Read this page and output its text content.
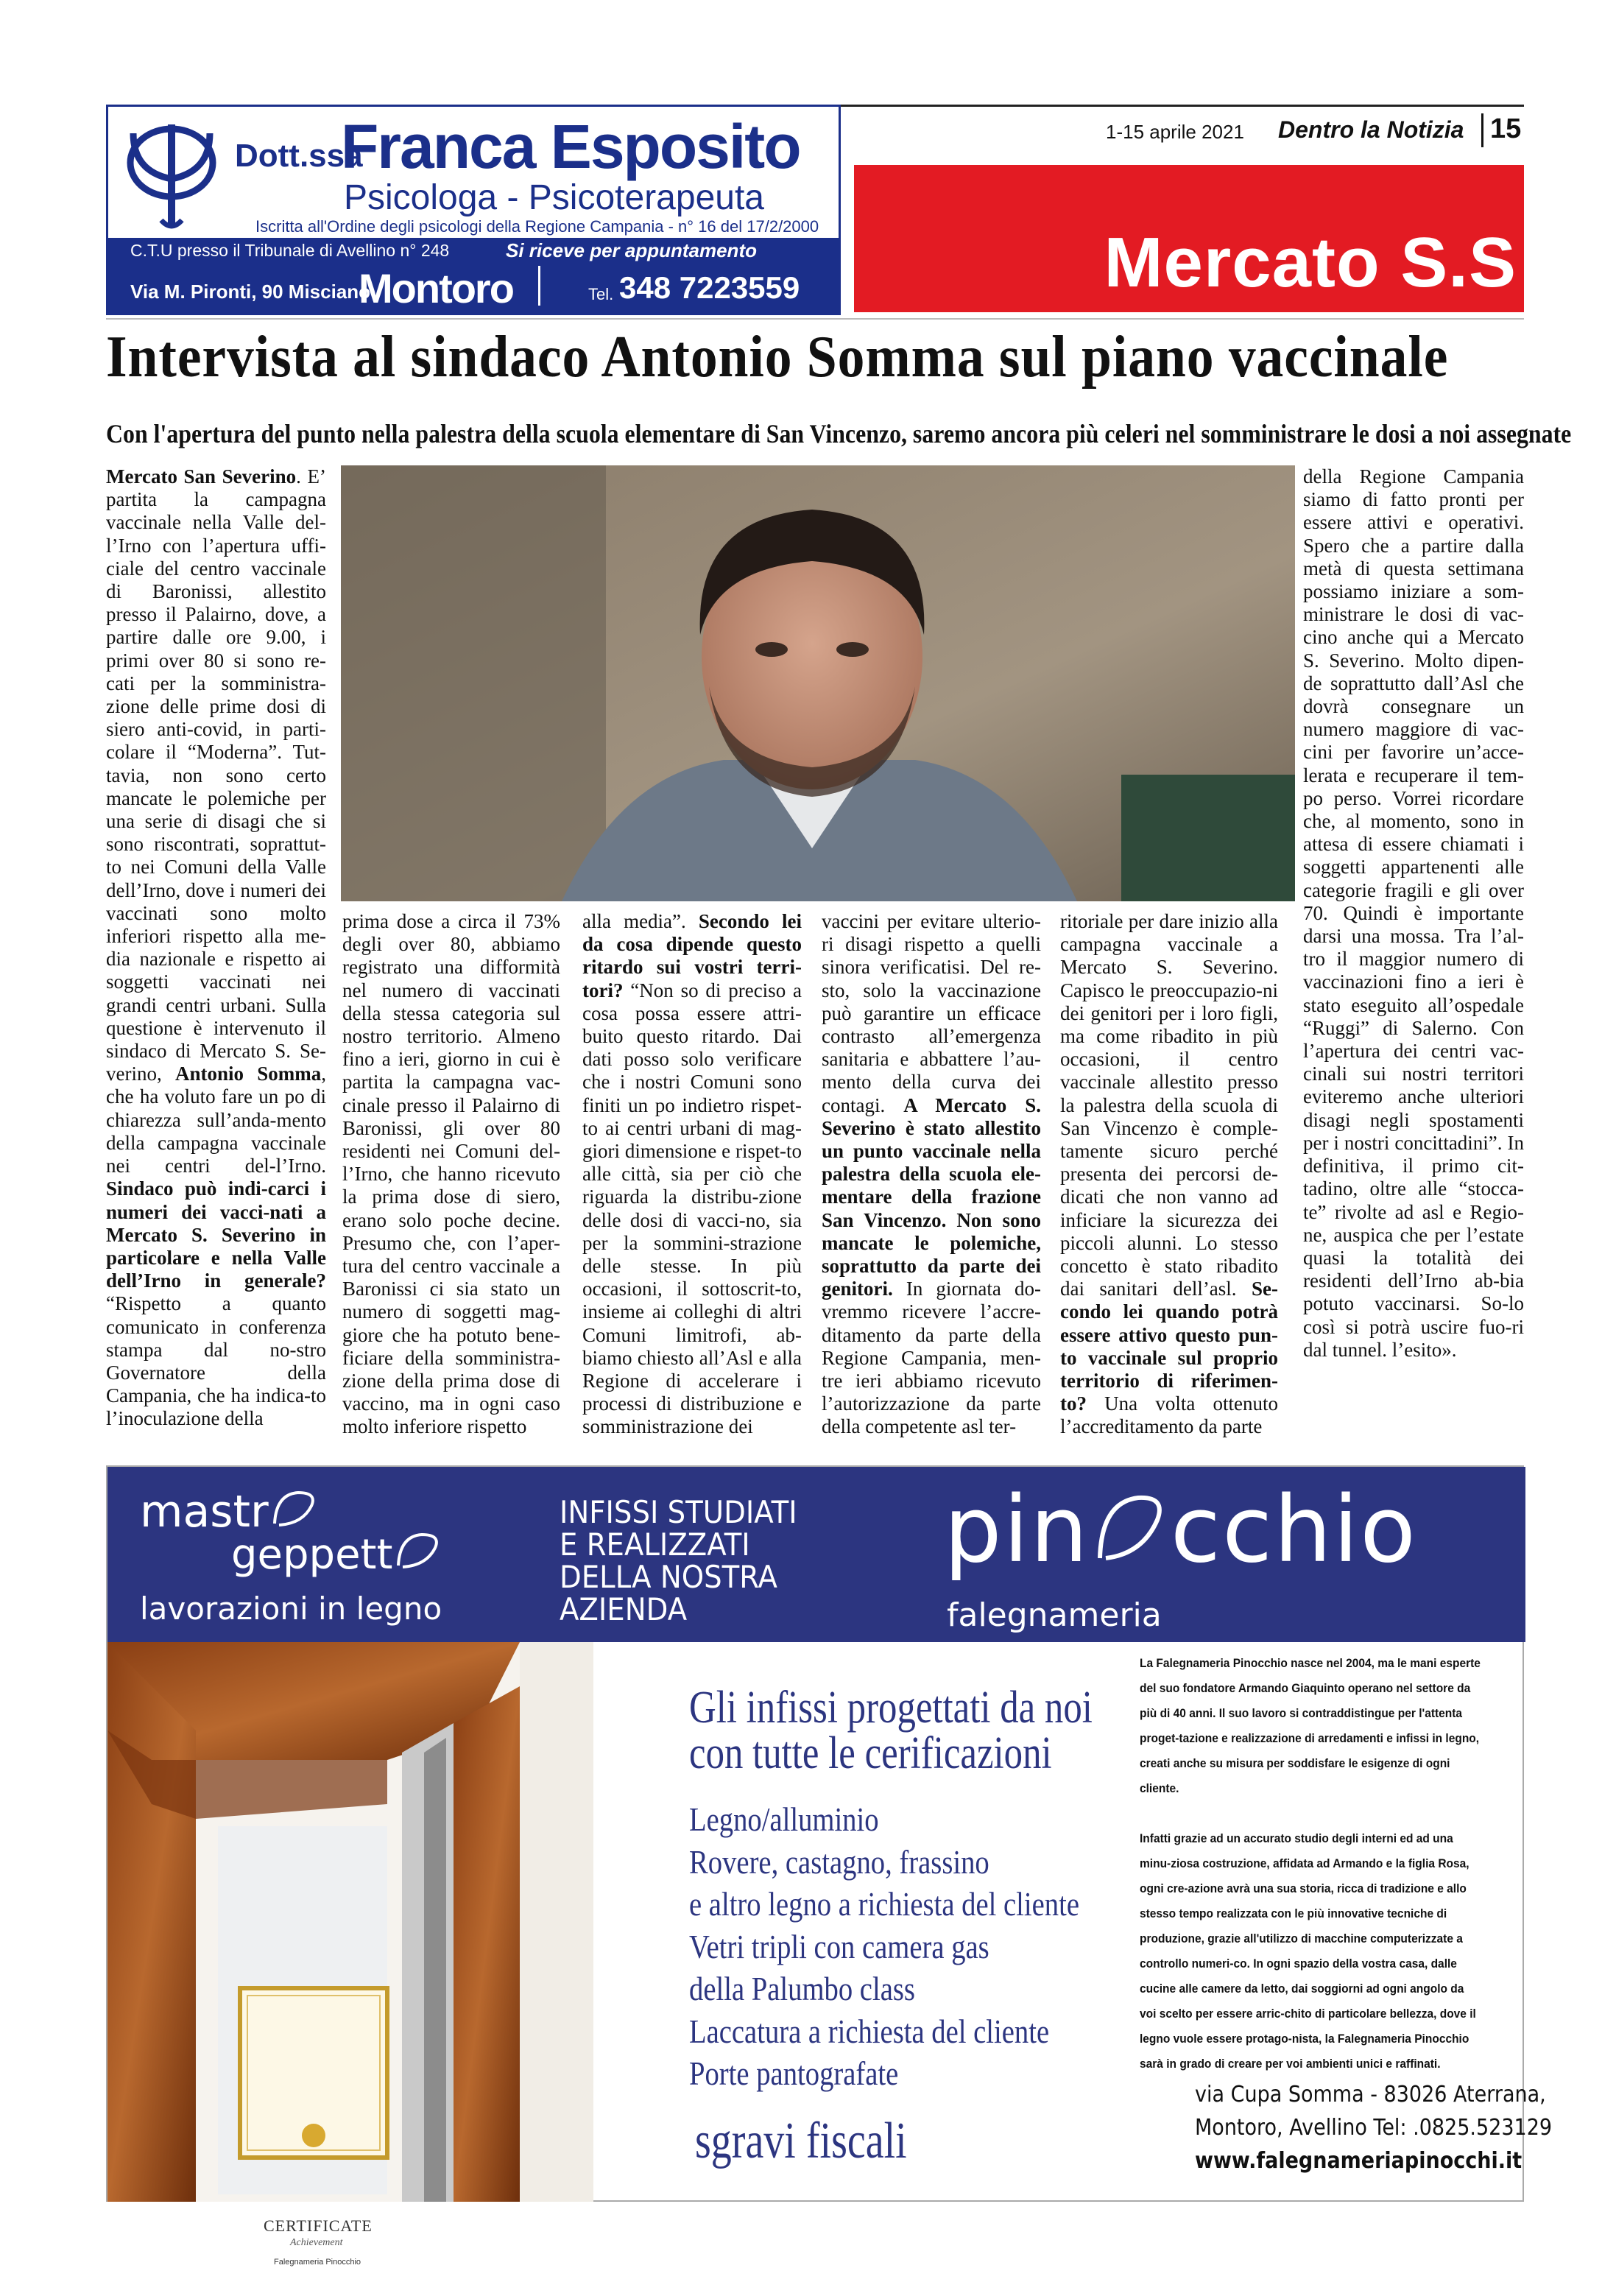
Dott.ssa
Franca Esposito
Psicologa - Psicoterapeuta
Iscritta all'Ordine degli psicologi della Regione Campania - n° 16 del 17/2/2000
C.T.U presso il Tribunale di Avellino n° 248	Si riceve per appuntamento
Via M. Pironti, 90 Misciano
Montoro	Tel. 348 7223559
1-15 aprile 2021 Dentro la Notizia 15
Mercato S.S
Intervista al sindaco Antonio Somma sul piano vaccinale
Con l'apertura del punto nella palestra della scuola elementare di San Vincenzo, saremo ancora più celeri nel somministrare le dosi a noi assegnate

Mercato San Severino. E’ partita la campagna vaccinale nella Valle del-l’Irno con l’apertura uffi-ciale del centro vaccinale di Baronissi, allestito presso il Palairno, dove, a partire dalle ore 9.00, i primi over 80 si sono re-cati per la somministra-zione delle prime dosi di siero anti-covid, in parti-colare il “Moderna”. Tut-tavia, non sono certo mancate le polemiche per una serie di disagi che si sono riscontrati, soprattut-to nei Comuni della Valle dell’Irno, dove i numeri dei vaccinati sono molto inferiori rispetto alla me-dia nazionale e rispetto ai soggetti vaccinati nei grandi centri urbani. Sulla questione è intervenuto il sindaco di Mercato S. Se-verino, Antonio Somma, che ha voluto fare un po di chiarezza sull’anda-mento della campagna vaccinale nei centri del-l’Irno. Sindaco può indi-carci i numeri dei vacci-nati a Mercato S. Severino in particolare e nella Valle dell’Irno in generale? “Rispetto a quanto comunicato in conferenza stampa dal no-stro Governatore della Campania, che ha indica-to l’inoculazione della

prima dose a circa il 73% degli over 80, abbiamo registrato una difformità nel numero di vaccinati della stessa categoria sul nostro territorio. Almeno fino a ieri, giorno in cui è partita la campagna vac-cinale presso il Palairno di Baronissi, gli over 80 residenti nei Comuni del-l’Irno, che hanno ricevuto la prima dose di siero, erano solo poche decine. Presumo che, con l’aper-tura del centro vaccinale a Baronissi ci sia stato un numero di soggetti mag-giore che ha potuto bene-ficiare della somministra-zione della prima dose di vaccino, ma in ogni caso molto inferiore rispetto

alla media”. Secondo lei da cosa dipende questo ritardo sui vostri terri-tori? “Non so di preciso a cosa possa essere attri-buito questo ritardo. Dai dati posso solo verificare che i nostri Comuni sono finiti un po indietro rispet-to ai centri urbani di mag-giori dimensione e rispet-to alle città, sia per ciò che riguarda la distribu-zione delle dosi di vacci-no, sia per la sommini-strazione delle stesse. In più occasioni, il sottoscrit-to, insieme ai colleghi di altri Comuni limitrofi, ab-biamo chiesto all’Asl e alla Regione di accelerare i processi di distribuzione e somministrazione dei

vaccini per evitare ulterio-ri disagi rispetto a quelli sinora verificatisi. Del re-sto, solo la vaccinazione può garantire un efficace contrasto all’emergenza sanitaria e abbattere l’au-mento della curva dei contagi. A Mercato S. Severino è stato allestito un punto vaccinale nella palestra della scuola ele-mentare della frazione San Vincenzo. Non sono mancate le polemiche, soprattutto da parte dei genitori. In giornata do-vremmo ricevere l’accre-ditamento da parte della Regione Campania, men-tre ieri abbiamo ricevuto l’autorizzazione da parte della competente asl ter-

ritoriale per dare inizio alla campagna vaccinale a Mercato S. Severino. Capisco le preoccupazio-ni dei genitori per i loro figli, ma come ribadito in più occasioni, il centro vaccinale allestito presso la palestra della scuola di San Vincenzo è comple-tamente sicuro perché presenta dei percorsi de-dicati che non vanno ad inficiare la sicurezza dei piccoli alunni. Lo stesso concetto è stato ribadito dai sanitari dell’asl. Se-condo lei quando potrà essere attivo questo pun-to vaccinale sul proprio territorio di riferimen-to? Una volta ottenuto l’accreditamento da parte

della Regione Campania siamo di fatto pronti per essere attivi e operativi. Spero che a partire dalla metà di questa settimana possiamo iniziare a som-ministrare le dosi di vac-cino anche qui a Mercato S. Severino. Molto dipen-de soprattutto dall’Asl che dovrà consegnare un numero maggiore di vac-cini per favorire un’acce-lerata e recuperare il tem-po perso. Vorrei ricordare che, al momento, sono in attesa di essere chiamati i soggetti appartenenti alle categorie fragili e gli over 70. Quindi è importante darsi una mossa. Tra l’al-tro il maggior numero di vaccinazioni fino a ieri è stato eseguito all’ospedale “Ruggi” di Salerno. Con l’apertura dei centri vac-cinali sui nostri territori eviteremo anche ulteriori disagi negli spostamenti per i nostri concittadini”. In definitiva, il primo cit-tadino, oltre alle “stocca-te” rivolte ad asl e Regio-ne, auspica che per l’estate quasi la totalità dei residenti dell’Irno ab-bia potuto vaccinarsi. So-lo così si potrà uscire fuo-ri dal tunnel. l’esito».

mastr
geppett
lavorazioni in legno
INFISSI STUDIATI
E REALIZZATI
DELLA NOSTRA
AZIENDA
pin cchio
falegnameria
CERTIFICATE
Achievement
Falegnameria Pinocchio
Gli infissi progettati da noi
con tutte le cerificazioni
Legno/alluminio
Rovere, castagno, frassino
e altro legno a richiesta del cliente
Vetri tripli con camera gas
della Palumbo class
Laccatura a richiesta del cliente
Porte pantografate
sgravi fiscali

La Falegnameria Pinocchio nasce nel 2004, ma le mani esperte del suo fondatore Armando Giaquinto operano nel settore da più di 40 anni. Il suo lavoro si contraddistingue per l'attenta proget-tazione e realizzazione di arredamenti e infissi in legno, creati anche su misura per soddisfare le esigenze di ogni cliente.

Infatti grazie ad un accurato studio degli interni ed ad una minu-ziosa costruzione, affidata ad Armando e la figlia Rosa, ogni cre-azione avrà una sua storia, ricca di tradizione e allo stesso tempo realizzata con le più innovative tecniche di produzione, grazie all'utilizzo di macchine computerizzate a controllo numeri-co. In ogni spazio della vostra casa, dalle cucine alle camere da letto, dai soggiorni ad ogni angolo da voi scelto per essere arric-chito di particolare bellezza, dove il legno vuole essere protago-nista, la Falegnameria Pinocchio sarà in grado di creare per voi ambienti unici e raffinati.

via Cupa Somma - 83026 Aterrana,
Montoro, Avellino Tel: .0825.523129
www.falegnameriapinocchi.it
